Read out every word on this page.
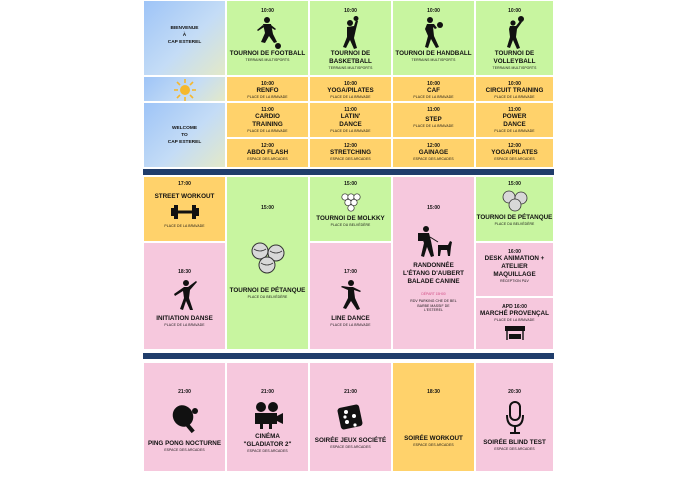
BIENVENUE
À
CAP ESTEREL
WELCOME
TO
CAP ESTEREL
10:00
TOURNOI DE FOOTBALL
TERRAINS MULTISPORTS
10:00
TOURNOI DE BASKETBALL
TERRAINS MULTISPORTS
10:00
TOURNOI DE HANDBALL
TERRAINS MULTISPORTS
10:00
TOURNOI DE VOLLEYBALL
TERRAINS MULTISPORTS
10:00
RENFO
PLACE DE LA BRAVADE
10:00
YOGA/PILATES
PLACE DE LA BRAVADE
10:00
CAF
PLACE DE LA BRAVADE
10:00
CIRCUIT TRAINING
PLACE DE LA BRAVADE
11:00
CARDIO TRAINING
PLACE DE LA BRAVADE
11:00
LATIN' DANCE
PLACE DE LA BRAVADE
11:00
STEP
PLACE DE LA BRAVADE
11:00
POWER DANCE
PLACE DE LA BRAVADE
12:00
ABDO FLASH
ESPACE DES ARCADES
12:00
STRETCHING
ESPACE DES ARCADES
12:00
GAINAGE
ESPACE DES ARCADES
12:00
YOGA/PILATES
ESPACE DES ARCADES
17:00
STREET WORKOUT
PLACE DE LA BRAVADE
18:30
INITIATION DANSE
PLACE DE LA BRAVADE
15:00
TOURNOI DE PÉTANQUE
PLACE DU BELVÉDÈRE
15:00
TOURNOI DE MOLKKY
PLACE DU BELVÉDÈRE
17:00
LINE DANCE
PLACE DE LA BRAVADE
15:00
RANDONNÉE L'ÉTANG D'AUBERT BALADE CANINE
DÉPART 15H00
RDV PARKING CHE DE BEL BARBE MASSIF DE L'ESTEREL
15:00
TOURNOI DE PÉTANQUE
PLACE DU BELVÉDÈRE
16:00
DESK ANIMATION + ATELIER MAQUILLAGE
RÉCEPTION P&V
APD 16:00
MARCHÉ PROVENÇAL
PLACE DE LA BRAVADE
21:00
PING PONG NOCTURNE
ESPACE DES ARCADES
21:00
CINÉMA "GLADIATOR 2"
ESPACE DES ARCADES
21:00
SOIRÉE JEUX SOCIÉTÉ
ESPACE DES ARCADES
18:30
SOIRÉE WORKOUT
ESPACE DES ARCADES
20:30
SOIRÉE BLIND TEST
ESPACE DES ARCADES
